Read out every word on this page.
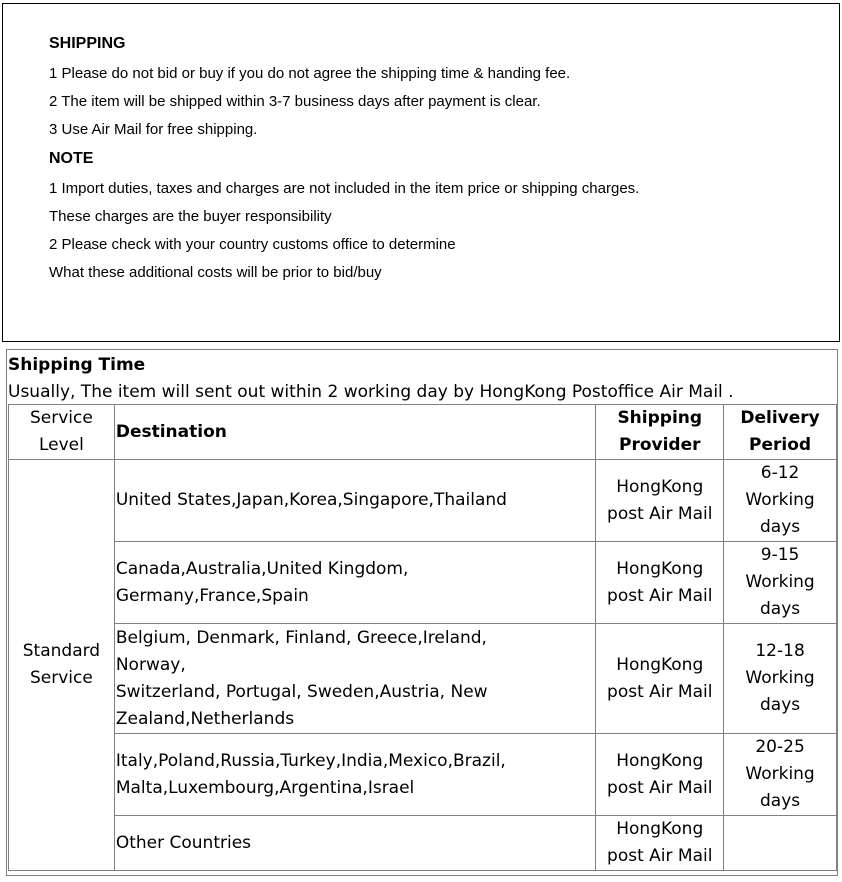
SHIPPING
1 Please do not bid or buy if you do not agree the shipping time & handing fee.
2 The item will be shipped within 3-7 business days after payment is clear.
3 Use Air Mail for free shipping.
NOTE
1 Import duties, taxes and charges are not included in the item price or shipping charges.
These charges are the buyer responsibility
2 Please check with your country customs office to determine
What these additional costs will be prior to bid/buy
Shipping Time
Usually, The item will sent out within 2 working day by HongKong Postoffice Air Mail .
Service
Level	Destination	Shipping
Provider	Delivery
Period

Standard
Service	United States,Japan,Korea,Singapore,Thailand	HongKong
post Air Mail	6-12
Working
days

	Canada,Australia,United Kingdom,
Germany,France,Spain	HongKong
post Air Mail	9-15
Working
days

	Belgium, Denmark, Finland, Greece,Ireland,
Norway,
Switzerland, Portugal, Sweden,Austria, New
Zealand,Netherlands	HongKong
post Air Mail	12-18
Working
days

	Italy,Poland,Russia,Turkey,India,Mexico,Brazil,
Malta,Luxembourg,Argentina,Israel	HongKong
post Air Mail	20-25
Working
days

	Other Countries	HongKong
post Air Mail	
